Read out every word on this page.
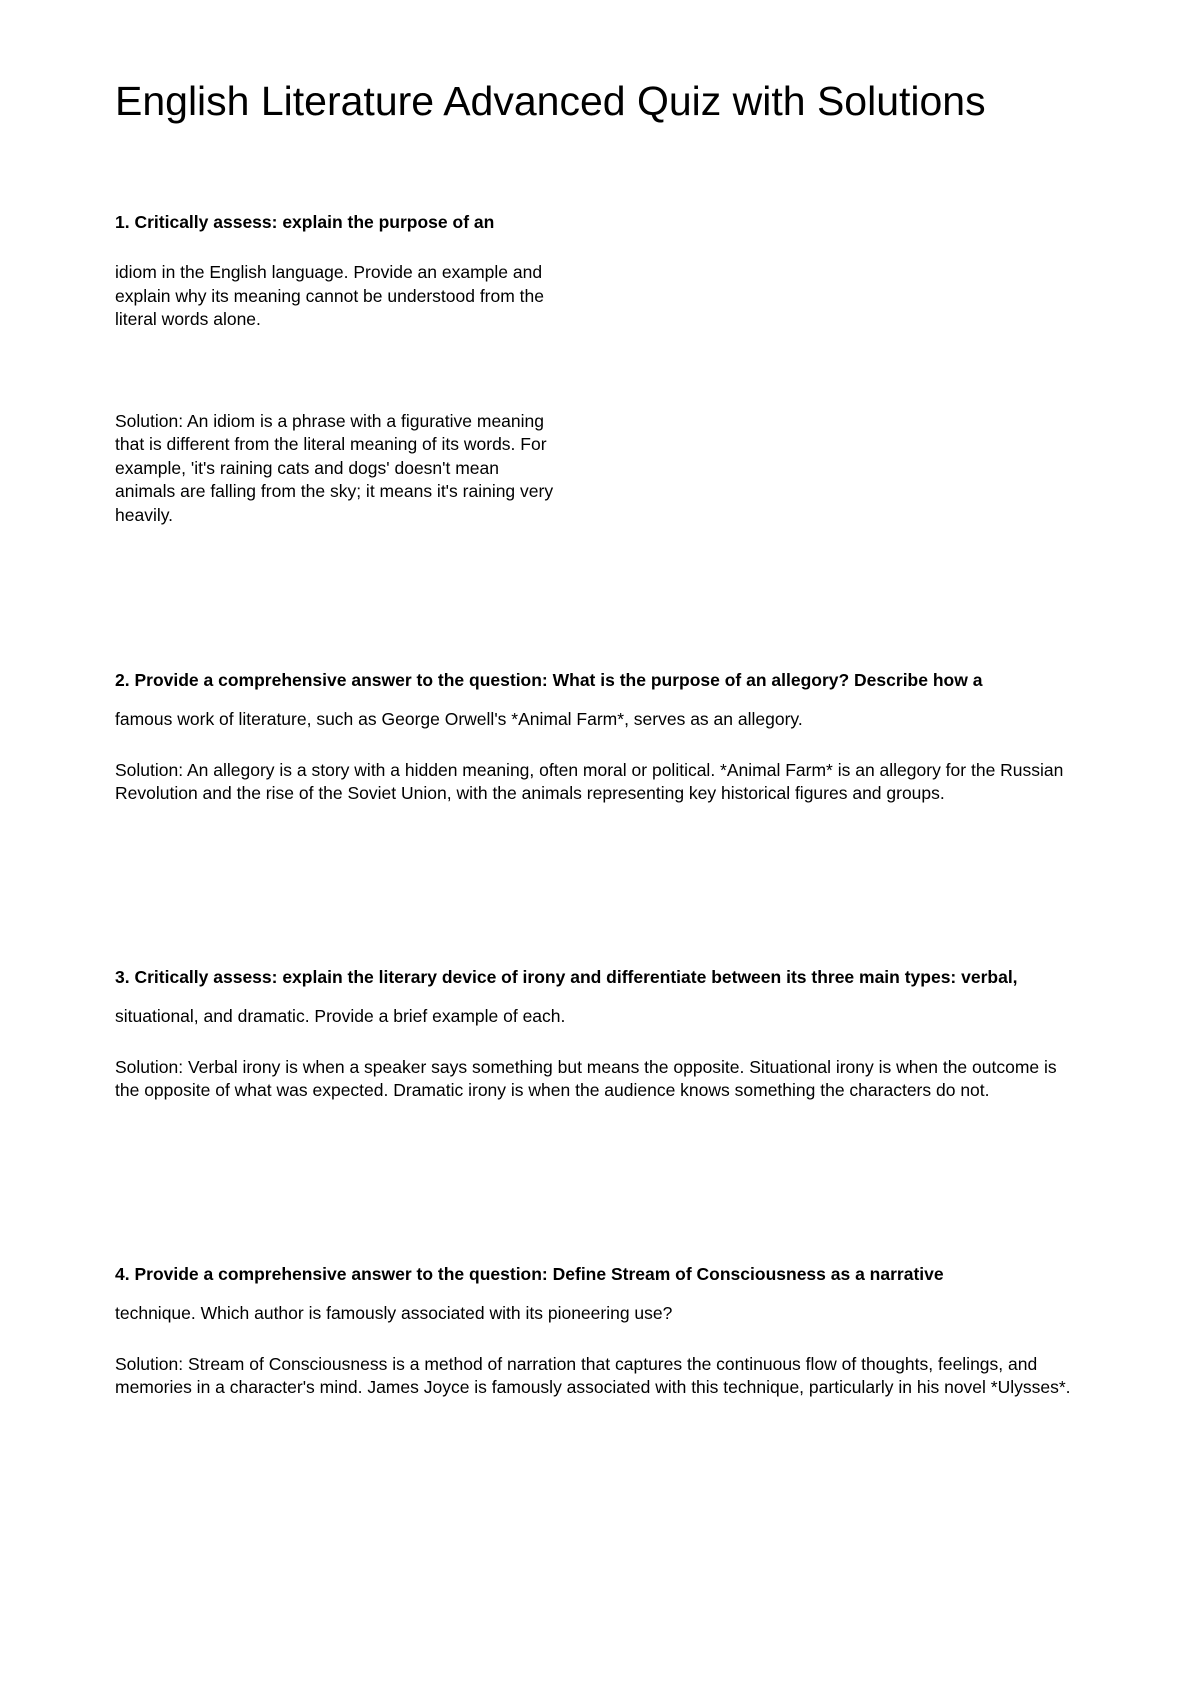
English Literature Advanced Quiz with Solutions

1. Critically assess: explain the purpose of an

idiom in the English language. Provide an example and explain why its meaning cannot be understood from the literal words alone.

Solution: An idiom is a phrase with a figurative meaning that is different from the literal meaning of its words. For example, 'it's raining cats and dogs' doesn't mean animals are falling from the sky; it means it's raining very heavily.

2. Provide a comprehensive answer to the question: What is the purpose of an allegory? Describe how a

famous work of literature, such as George Orwell's *Animal Farm*, serves as an allegory.

Solution: An allegory is a story with a hidden meaning, often moral or political. *Animal Farm* is an allegory for the Russian Revolution and the rise of the Soviet Union, with the animals representing key historical figures and groups.

3. Critically assess: explain the literary device of irony and differentiate between its three main types: verbal,

situational, and dramatic. Provide a brief example of each.

Solution: Verbal irony is when a speaker says something but means the opposite. Situational irony is when the outcome is the opposite of what was expected. Dramatic irony is when the audience knows something the characters do not.

4. Provide a comprehensive answer to the question: Define Stream of Consciousness as a narrative

technique. Which author is famously associated with its pioneering use?

Solution: Stream of Consciousness is a method of narration that captures the continuous flow of thoughts, feelings, and memories in a character's mind. James Joyce is famously associated with this technique, particularly in his novel *Ulysses*.
